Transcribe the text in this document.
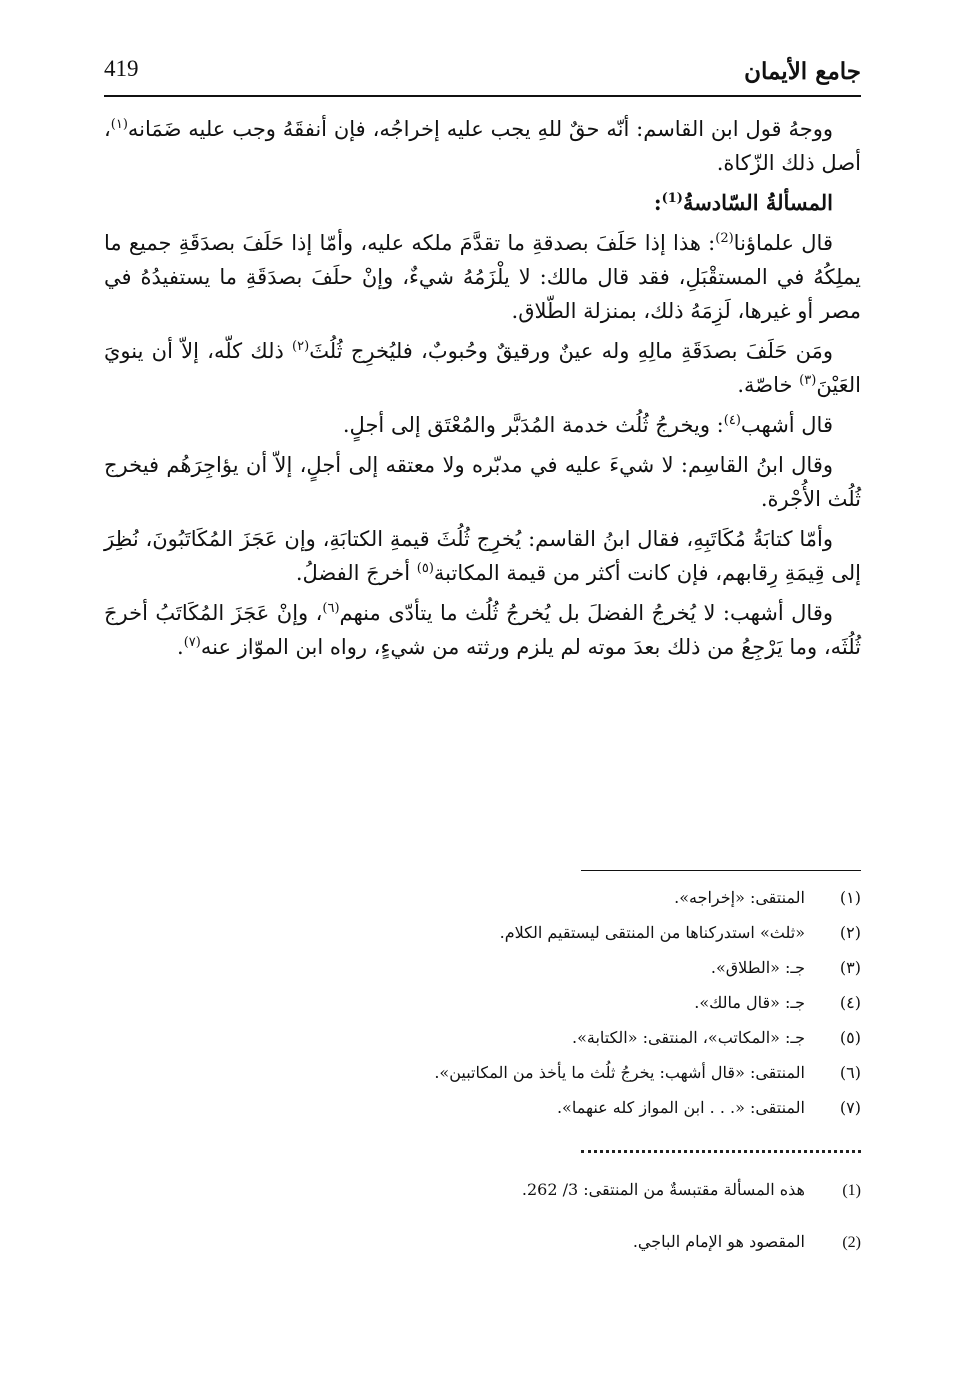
جامع الأيمان
419

ووجهُ قول ابن القاسم: أنّه حقٌ للهِ يجب عليه إخراجُه، فإن أنفقَهُ وجب عليه ضَمَانه$^{(١)}$، أصل ذلك الزّكاة.

المسألةُ السّادسةُ$^{(1)}$:

قال علماؤنا$^{(2)}$: هذا إذا حَلَفَ بصدقةِ ما تقدَّمَ ملكه عليه، وأمّا إذا حَلَفَ بصدَقَةِ جميع ما يملِكُهُ في المستقْبَلِ، فقد قال مالك: لا يلْزَمُهُ شيءٌ، وإنْ حلَفَ بصدَقَةِ ما يستفيدُهُ في مصر أو غيرها، لَزِمَهُ ذلك، بمنزلة الطّلاق.

ومَن حَلَفَ بصدَقَةِ مالِهِ وله عينٌ ورقيقٌ وحُبوبٌ، فليُخرِج ثُلُثَ$^{(٢)}$ ذلك كلّه، إلاّ أن ينويَ العَيْنَ$^{(٣)}$ خاصّة.

قال أشهب$^{(٤)}$: ويخرجُ ثُلُث خدمة المُدَبَّر والمُعْتَق إلى أجلٍ.

وقال ابنُ القاسِم: لا شيءَ عليه في مدبّره ولا معتقه إلى أجلٍ، إلاّ أن يؤاجِرَهُم فيخرج ثُلُث الأُجْرة.

وأمّا كتابَةُ مُكَاتَبِهِ، فقال ابنُ القاسم: يُخرِج ثُلُثَ قيمةِ الكتابَةِ، وإن عَجَزَ المُكَاتَبُونَ، نُظِرَ إلى قِيمَةِ رِقابهم، فإن كانت أكثر من قيمة المكاتبة$^{(٥)}$ أخرجَ الفضلُ.

وقال أشهب: لا يُخرجُ الفضلَ بل يُخرجُ ثُلُث ما يتأدّى منهم$^{(٦)}$، وإنْ عَجَزَ المُكَاتَبُ أخرجَ ثُلُثَه، وما يَرْجِعُ من ذلك بعدَ موته لم يلزم ورثته من شيءٍ، رواه ابن الموّاز عنه$^{(٧)}$.

(١)
المنتقى: «إخراجه».
(٢)
«ثلث» استدركناها من المنتقى ليستقيم الكلام.
(٣)
جـ: «الطلاق».
(٤)
جـ: «قال مالك».
(٥)
جـ: «المكاتب»، المنتقى: «الكتابة».
(٦)
المنتقى: «قال أشهب: يخرجُ ثلُث ما يأخذ من المكاتبين».
(٧)
المنتقى: «. . . ابن المواز كله عنهما».
(1)
هذه المسألة مقتبسةٌ من المنتقى: 3/ 262.
(2)
المقصود هو الإمام الباجي.
